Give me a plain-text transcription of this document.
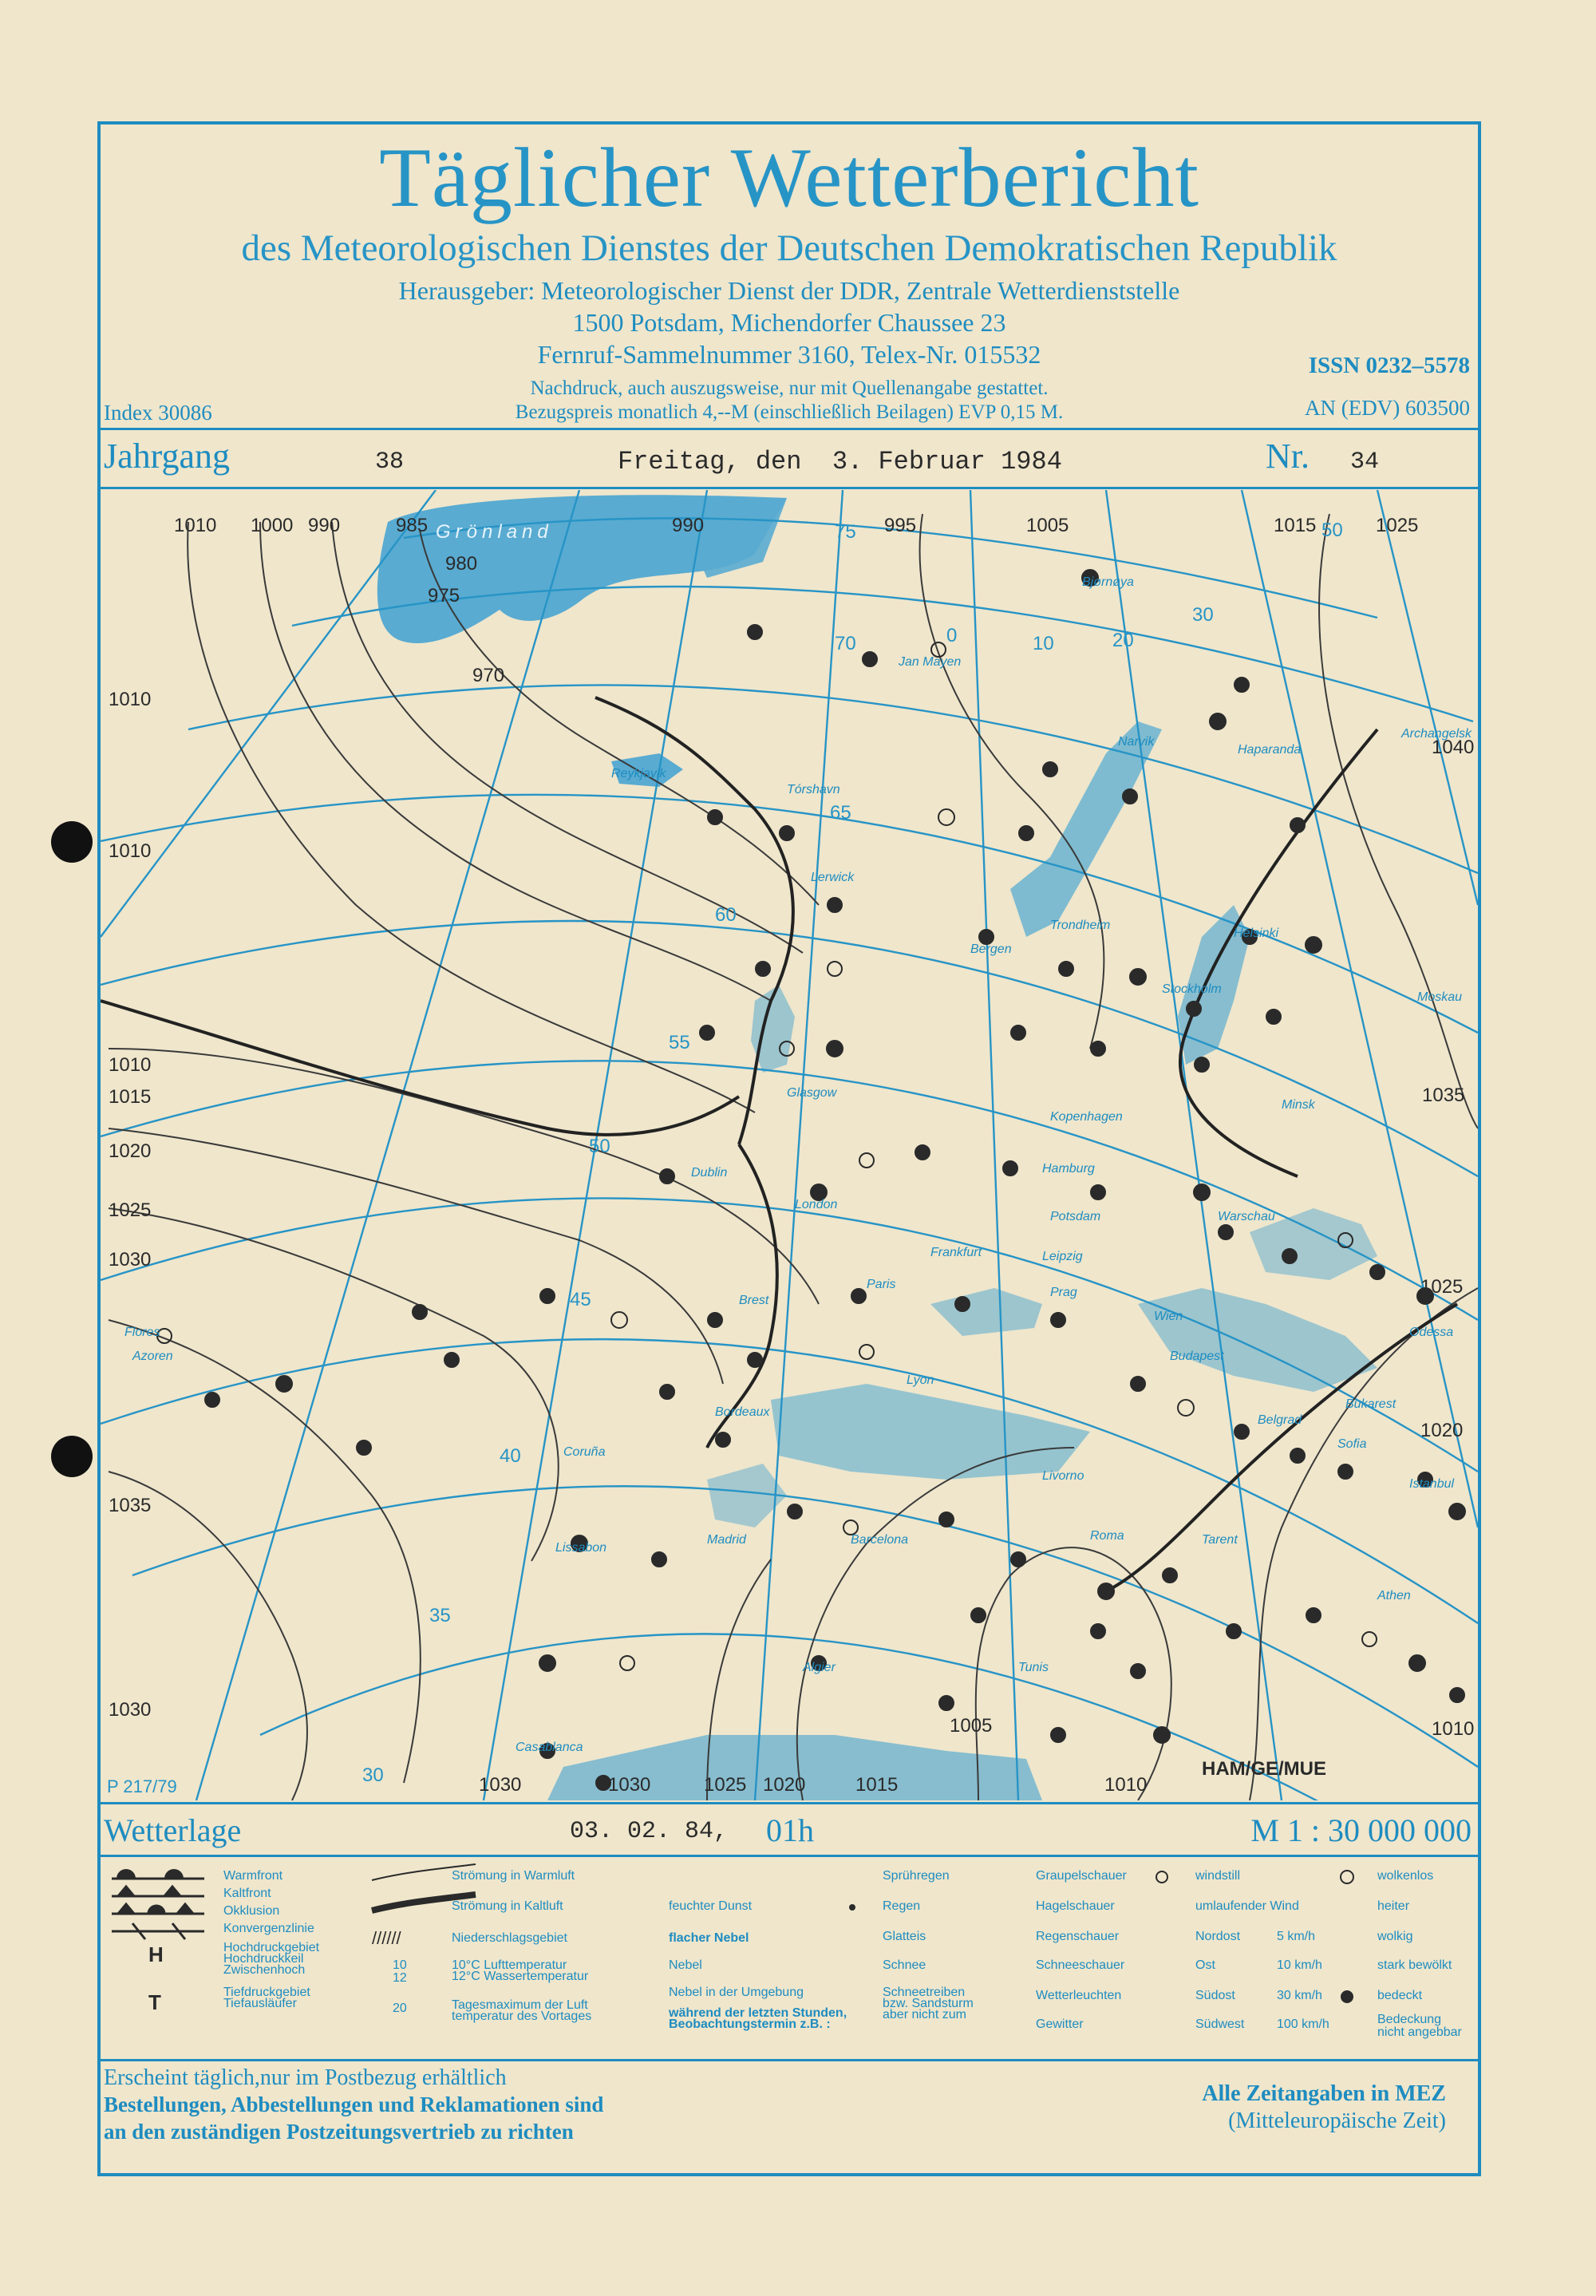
Täglicher Wetterbericht
des Meteorologischen Dienstes der Deutschen Demokratischen Republik
Herausgeber: Meteorologischer Dienst der DDR, Zentrale Wetterdienststelle
1500 Potsdam, Michendorfer Chaussee 23
Fernruf-Sammelnummer 3160, Telex-Nr. 015532
Nachdruck, auch auszugsweise, nur mit Quellenangabe gestattet.
Bezugspreis monatlich 4,--M (einschließlich Beilagen) EVP 0,15 M.
Index 30086
ISSN 0232–5578
AN (EDV) 603500
Jahrgang	38	Freitag, den  3. Februar 1984	Nr. 34
Bjørnøya
Jan Mayen
Narvik
Haparanda
Archangelsk
Reykjavik
Tórshavn
Lerwick
Bergen
Trondheim
Helsinki
Stockholm
Moskau
Glasgow
Kopenhagen
Minsk
Dublin	Hamburg
Warschau
London
Potsdam
Frankfurt	Leipzig
Prag
Brest
Paris
Wien
Odessa
Budapest
Lyon
Bordeaux
Belgrad
Bukarest
Sofia
Coruña
Livorno
Istanbul
Madrid	Barcelona
Lissabon
Roma	Tarent
Athen
Algier	Tunis
Casablanca
Azoren
Flores
Grönland
1010 1000 990	985
980
975
970
990	995	1005	1015	1025
1040
1010
1010
1010
1015
1020
1025
1030
1035
1035
1025
1020
1030
1030	1030	1025 1020	1015	1010
1005	1010
75
70
65
60
55
50
45
40
35
30
0	10	20
30
50
P 217/79
HAM/GE/MUE
Wetterlage	03. 02. 84, 01h	M 1 : 30 000 000
Warmfront
Kaltfront
Okklusion
Konvergenzlinie
Hochdruckgebiet
Hochdruckkeil
Zwischenhoch
Tiefdruckgebiet
Tiefausläufer
Strömung in Warmluft
Strömung in Kaltluft
Niederschlagsgebiet
10°C Lufttemperatur
12°C Wassertemperatur
Tagesmaximum der Luft
temperatur des Vortages
10
12
20
feuchter Dunst
flacher Nebel
Nebel
Nebel in der Umgebung
während der letzten Stunden,
Beobachtungstermin z.B. :
Sprühregen
Regen
Glatteis
Schnee
Schneetreiben
bzw. Sandsturm
aber nicht zum
Graupelschauer
Hagelschauer
Regenschauer
Schneeschauer
Wetterleuchten
Gewitter
windstill
umlaufender Wind
Nordost
Ost
Südost
Südwest
5 km/h
10 km/h
30 km/h
100 km/h
wolkenlos
heiter
wolkig
stark bewölkt
bedeckt
Bedeckung
nicht angebbar
H
T
//////
Erscheint täglich,nur im Postbezug erhältlich
Bestellungen, Abbestellungen und Reklamationen sind
an den zuständigen Postzeitungsvertrieb zu richten
Alle Zeitangaben in MEZ
(Mitteleuropäische Zeit)
